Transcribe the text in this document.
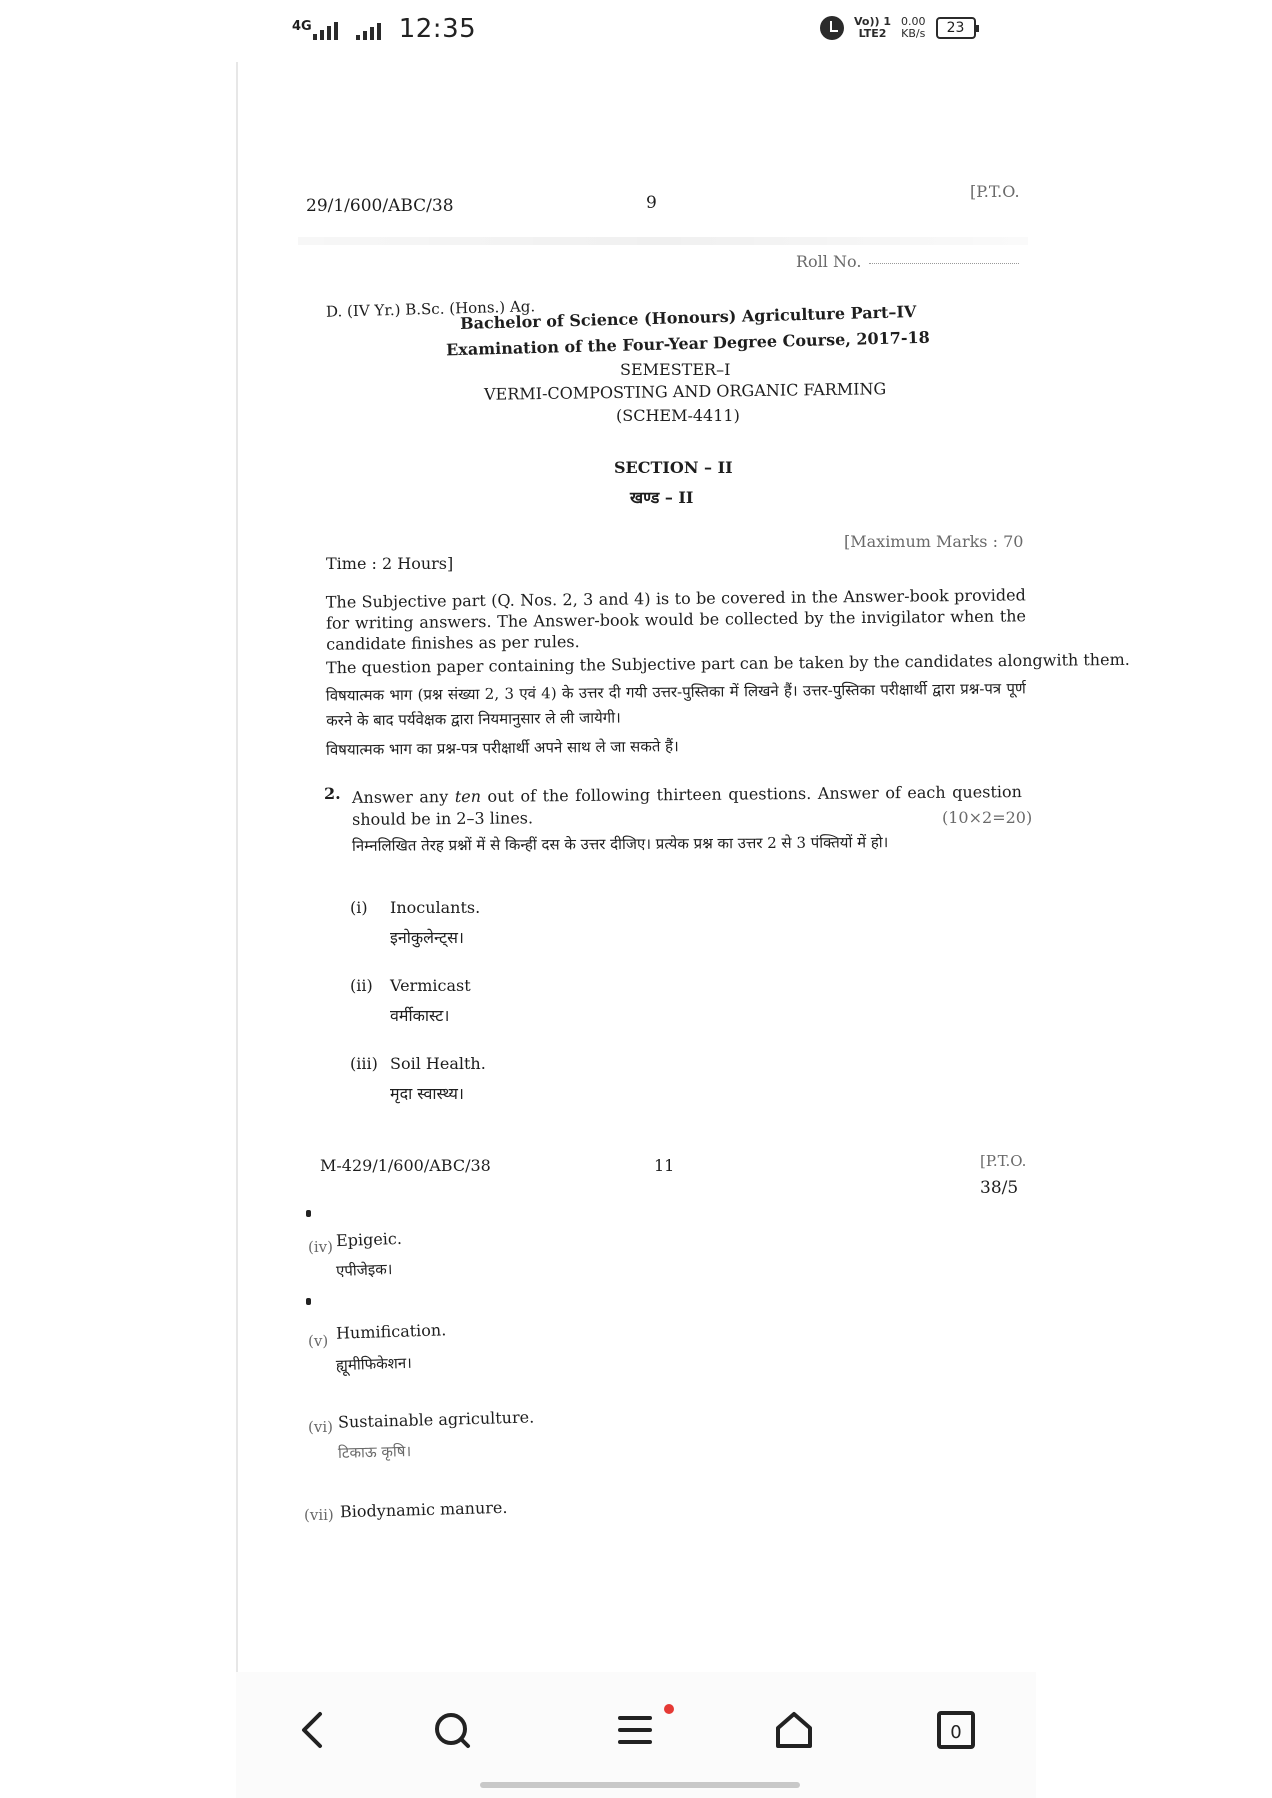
4G	12:35	Vo)) 1
LTE2
0.00
KB/s	23
29/1/600/ABC/38	9
[P.T.O.
Roll No.
D. (IV Yr.) B.Sc. (Hons.) Ag.
Bachelor of Science (Honours) Agriculture Part–IV
Examination of the Four-Year Degree Course, 2017-18
SEMESTER–I
VERMI-COMPOSTING AND ORGANIC FARMING
(SCHEM-4411)
SECTION – II
खण्ड – II
Time : 2 Hours]
[Maximum Marks : 70
The Subjective part (Q. Nos. 2, 3 and 4) is to be covered in the Answer-book provided for writing answers. The Answer-book would be collected by the invigilator when the candidate finishes as per rules.
The question paper containing the Subjective part can be taken by the candidates alongwith them.
विषयात्मक भाग (प्रश्न संख्या 2, 3 एवं 4) के उत्तर दी गयी उत्तर-पुस्तिका में लिखने हैं। उत्तर-पुस्तिका परीक्षार्थी द्वारा प्रश्न-पत्र पूर्ण करने के बाद पर्यवेक्षक द्वारा नियमानुसार ले ली जायेगी।
विषयात्मक भाग का प्रश्न-पत्र परीक्षार्थी अपने साथ ले जा सकते हैं।
2. Answer any ten out of the following thirteen questions. Answer of each question should be in 2–3 lines.	(10×2=20)
निम्नलिखित तेरह प्रश्नों में से किन्हीं दस के उत्तर दीजिए। प्रत्येक प्रश्न का उत्तर 2 से 3 पंक्तियों में हो।
(i) Inoculants.
इनोकुलेन्ट्स।
(ii) Vermicast
वर्मीकास्ट।
(iii) Soil Health.
मृदा स्वास्थ्य।
M-429/1/600/ABC/38	11	[P.T.O.
38/5
(iv) Epigeic.
एपीजेइक।
(v) Humification.
ह्यूमीफिकेशन।
(vi) Sustainable agriculture.
टिकाऊ कृषि।
(vii) Biodynamic manure.
0
